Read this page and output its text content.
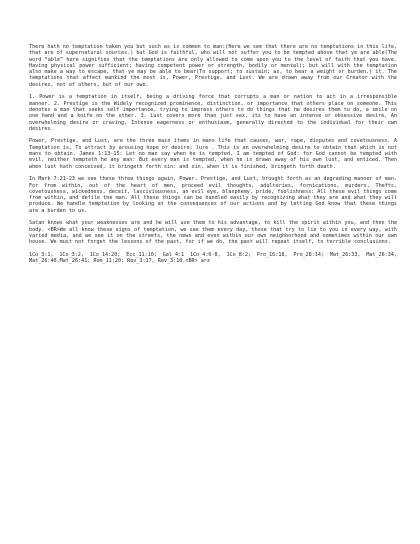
There hath no temptation taken you but such as is common to man:(Here we see that there are no temptations in this life, that are of supernatural sources.) but God is faithful, who will not suffer you to be tempted above that ye are able(The word “able” here signifies that the temptations are only allowed to come upon you to the level of faith that you have. Having physical power sufficient; having competent power or strength, bodily or mental); but will with the temptation also make a way to escape, that ye may be able to bear(To support; to sustain; as, to bear a weight or burden.) it. The temptations that affect mankind the most is, Power, Prestige, and Lust. We are drawn away from our Creator with the desires, not of others, but of our own.

1. Power is a temptation in itself, being a driving force that corrupts a man or nation to act in a irresponsible manner. 2. Prestige is the Widely recognized prominence, distinction, or importance that others place on someone. This denotes a man that seeks self importance, trying to impress others to do things that he desires them to do, a smile on one hand and a knife on the other. 3. Lust covers more than just sex, its to have an intense or obsessive desire, An overwhelming desire or craving, Intense eagerness or enthusiasm, generally directed to the individual for their own desires.

Power, Prestige, and Lust, are the three main items in mans life that causes, war, rape, disputes and covetousness. A Temptation is, To attract by arousing hope or desire; lure . This is an overwhelming desire to obtain that which is not mans to obtain. James 1:13-15: Let no man say when he is tempted, I am tempted of God: for God cannot be tempted with evil, neither tempteth he any man: But every man is tempted, when he is drawn away of his own lust, and enticed. Then when lust hath conceived, it bringeth forth sin: and sin, when it is finished, bringeth forth death.

In Mark 7:21-23 we see these three things again, Power, Prestige, and Lust, brought forth as an degrading manner of man. For from within, out of the heart of men, proceed evil thoughts, adulteries, fornications, murders, Thefts, covetousness, wickedness, deceit, lasciviousness, an evil eye, blasphemy, pride, foolishness: All these evil things come from within, and defile the man. All these things can be handled easily by recognizing what they are and what they will produce. We handle temptation by looking at the consequences of our actions and by letting God know that these things are a burden to us.

Satan knows what your weaknesses are and he will use them to his advantage, to kill the spirit within you, and then the body. <BR>We all know these signs of temptation, we see them every day, those that try to lie to you in every way, with varied media, and we see it on the streets, the news and even within our own neighborhood and sometimes within our own house. We must not forget the lessons of the past, for if we do, the past will repeat itself, to terrible conclusions.

1Co_3:1, 1Co_3:2, 1Co_14:20; Ecc_11:10; Gal_4:1 1Co_4:6-8, 1Co_8:2; Pro_16:18, Pro_28:14; Mat_26:33, Mat_26:34, Mat_26:40,Mat_26:41; Rom_11:20; Rev_3:17, Rev_3:18.<BR> arz
